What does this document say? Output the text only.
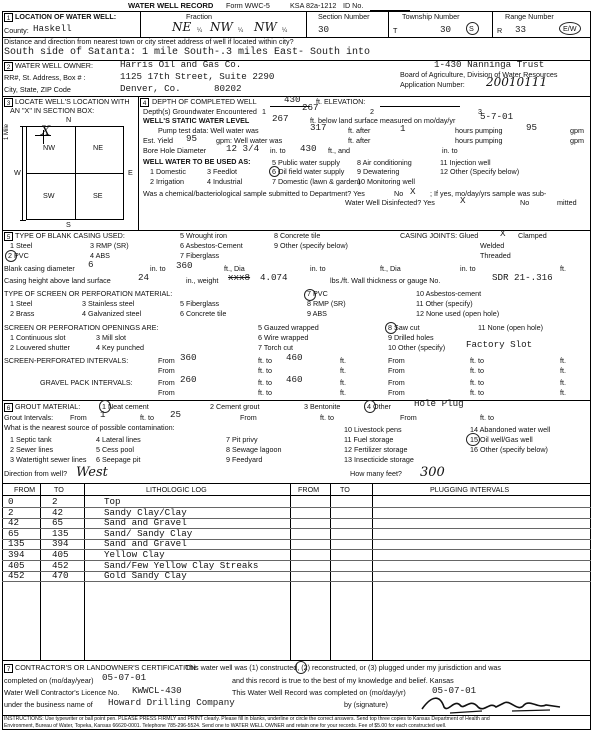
WATER WELL RECORD Form WWC-5	KSA 82a-1212 ID No.
1 LOCATION OF WATER WELL:
County: Haskell
Fraction
NE ¼ NW ¼ NW ¼
Section Number
30
Township Number
T	30 S
Range Number
R 33	E/W
Distance and direction from nearest town or city street address of well if located within city?
South side of Satanta: 1 mile South-.3 miles East- South into
2 WATER WELL OWNER:	Harris Oil and Gas Co.
RR#, St. Address, Box # :	1125 17th Street, Suite 2290
City, State, ZIP Code	Denver, Co.	80202
1-430 Nanninga Trust
Board of Agriculture, Division of Water Resources
Application Number: 20010111
3 LOCATE WELL'S LOCATION WITH
AN "X" IN SECTION BOX:
N
1 Mile
W	E
S
NW	NE
SW	SE
X
4 DEPTH OF COMPLETED WELL	430 ft. ELEVATION:
Depth(s) Groundwater Encountered 1	267	2	3
WELL'S STATIC WATER LEVEL 267	ft. below land surface measured on mo/day/yr	5-7-01
Pump test data: Well water was	317	ft. after	1	hours pumping	95	gpm
Est. Yield 95	gpm: Well water was	ft. after	hours pumping	gpm
Bore Hole Diameter 12 3/4 in. to 430 ft., and	in. to
WELL WATER TO BE USED AS:
1 Domestic	3 Feedlot
5 Public water supply 8 Air conditioning	11 Injection well
2 Irrigation	4 Industrial
6 Oil field water supply 9 Dewatering	12 Other (Specify below)
7 Domestic (lawn & garden)
10 Monitoring well
Was a chemical/bacteriological sample submitted to Department? Yes	No X ; If yes, mo/day/yrs sample was sub-
mitted
Water Well Disinfected? Yes	X	No
5 TYPE OF BLANK CASING USED:
1 Steel	3 RMP (SR)
5 Wrought iron
6 Asbestos-Cement
8 Concrete tile
9 Other (specify below)
2 PVC	4 ABS	7 Fiberglass
CASING JOINTS: Glued X Clamped
Welded
Threaded
Blank casing diameter 6	in. to 360	ft., Dia	in. to	ft., Dia	in. to	ft.
Casing height above land surface	24	in., weight xxx8 4.074	lbs./ft. Wall thickness or gauge No.	SDR 21-.316
TYPE OF SCREEN OR PERFORATION MATERIAL:
1 Steel	3 Stainless steel	5 Fiberglass
7 PVC	10 Asbestos-cement
2 Brass	4 Galvanized steel	6 Concrete tile
8 RMP (SR)	11 Other (specify)
9 ABS	12 None used (open hole)
SCREEN OR PERFORATION OPENINGS ARE:
1 Continuous slot	3 Mill slot
5 Gauzed wrapped	8 Saw cut	11 None (open hole)
2 Louvered shutter	4 Key punched
6 Wire wrapped	9 Drilled holes
7 Torch cut	10 Other (specify) Factory Slot
SCREEN-PERFORATED INTERVALS:	From 360	ft. to 460	ft.	From	ft. to	ft.
From	ft. to	ft.	From	ft. to	ft.
GRAVEL PACK INTERVALS:	From 260	ft. to 460	ft.	From	ft. to	ft.
From	ft. to	ft.	From	ft. to	ft.
6 GROUT MATERIAL:	1 Neat cement	2 Cement grout	3 Bentonite	4 Other	Hole Plug
Grout Intervals: From 1	ft. to 25	From	ft. to	From	ft. to
What is the nearest source of possible contamination:
1 Septic tank	4 Lateral lines	7 Pit privy
10 Livestock pens	14 Abandoned water well
2 Sewer lines	5 Cess pool	8 Sewage lagoon
11 Fuel storage	15 Oil well/Gas well
3 Watertight sewer lines 6 Seepage pit	9 Feedyard
12 Fertilizer storage	16 Other (specify below)
13 Insecticide storage
Direction from well? West	How many feet? 300
FROM	TO	LITHOLOGIC LOG	FROM	TO	PLUGGING INTERVALS
0	2	Top
2	42	Sandy Clay/Clay
42	65	Sand and Gravel
65	135	Sand/ Sandy Clay
135	394	Sand and Gravel
394	405	Yellow Clay
405	452	Sand/Few Yellow Clay Streaks
452	470	Gold Sandy Clay
7 CONTRACTOR'S OR LANDOWNER'S CERTIFICATION:
This water well was (1) constructed, (2) reconstructed, or (3) plugged under my jurisdiction and was
completed on (mo/day/year) 05-07-01	and this record is true to the best of my knowledge and belief. Kansas
Water Well Contractor's Licence No. KWWCL-430	This Water Well Record was completed on (mo/day/yr)	05-07-01
under the business name of Howard Drilling Company	by (signature)
INSTRUCTIONS: Use typewriter or ball point pen. PLEASE PRESS FIRMLY and PRINT clearly. Please fill in blanks, underline or circle the correct answers. Send top three copies to Kansas Department of Health and
Environment, Bureau of Water, Topeka, Kansas 66620-0001. Telephone 785-296-5524. Send one to WATER WELL OWNER and retain one for your records. Fee of $5.00 for each constructed well.
